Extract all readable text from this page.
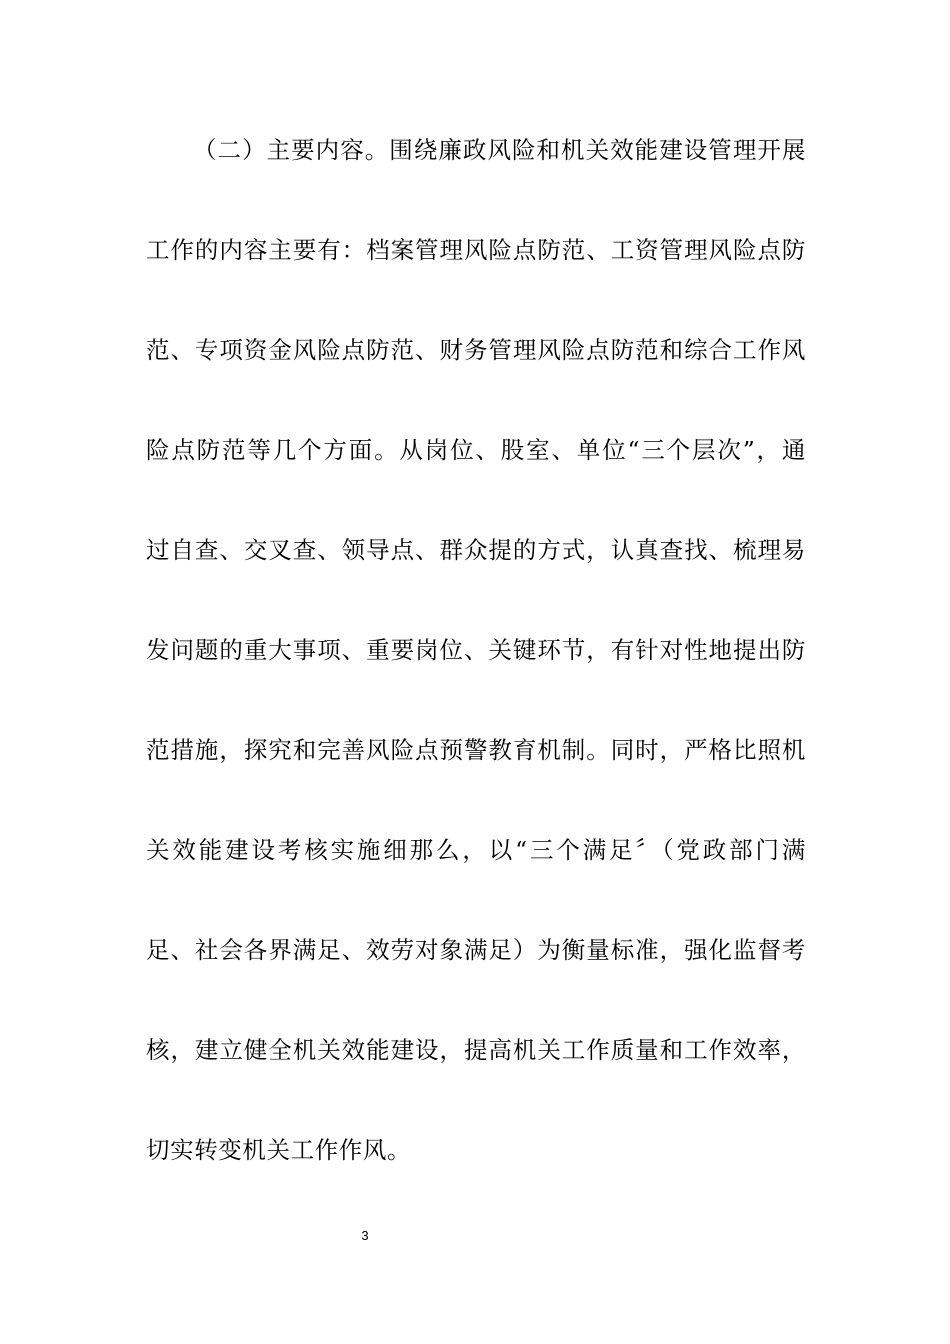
（二）主要内容。围绕廉政风险和机关效能建设管理开展
工作的内容主要有：档案管理风险点防范、工资管理风险点防
范、专项资金风险点防范、财务管理风险点防范和综合工作风
险点防范等几个方面。从岗位、股室、单位“三个层次”，通
过自查、交叉查、领导点、群众提的方式，认真查找、梳理易
发问题的重大事项、重要岗位、关键环节，有针对性地提出防
范措施，探究和完善风险点预警教育机制。同时，严格比照机
关效能建设考核实施细那么，以“三个满足〞（党政部门满
足、社会各界满足、效劳对象满足）为衡量标准，强化监督考
核，建立健全机关效能建设，提高机关工作质量和工作效率，
切实转变机关工作作风。
3
